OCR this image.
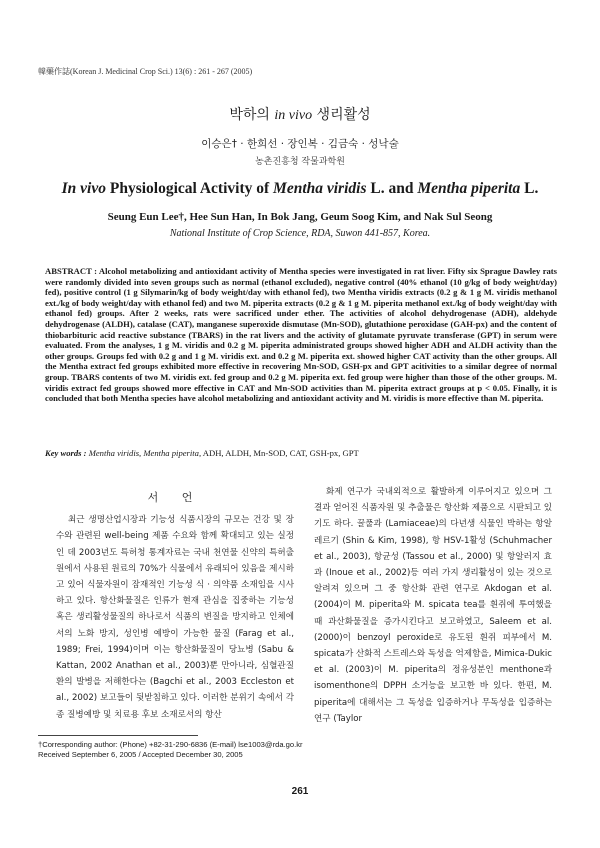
韓藥作誌(Korean J. Medicinal Crop Sci.) 13(6) : 261 - 267 (2005)
박하의 in vivo 생리활성
이승은† · 한희선 · 장인복 · 김금숙 · 성낙술
농촌진흥청 작물과학원
In vivo Physiological Activity of Mentha viridis L. and Mentha piperita L.
Seung Eun Lee†, Hee Sun Han, In Bok Jang, Geum Soog Kim, and Nak Sul Seong
National Institute of Crop Science, RDA, Suwon 441-857, Korea.
ABSTRACT : Alcohol metabolizing and antioxidant activity of Mentha species were investigated in rat liver. Fifty six Sprague Dawley rats were randomly divided into seven groups such as normal (ethanol excluded), negative control (40% ethanol (10 g/kg of body weight/day) fed), positive control (1 g Silymarin/kg of body weight/day with ethanol fed), two Mentha viridis extracts (0.2 g & 1 g M. viridis methanol ext./kg of body weight/day with ethanol fed) and two M. piperita extracts (0.2 g & 1 g M. piperita methanol ext./kg of body weight/day with ethanol fed) groups. After 2 weeks, rats were sacrificed under ether. The activities of alcohol dehydrogenase (ADH), aldehyde dehydrogenase (ALDH), catalase (CAT), manganese superoxide dismutase (Mn-SOD), glutathione peroxidase (GAH-px) and the content of thiobarbituric acid reactive substance (TBARS) in the rat livers and the activity of glutamate pyruvate transferase (GPT) in serum were evaluated. From the analyses, 1 g M. viridis and 0.2 g M. piperita administrated groups showed higher ADH and ALDH activity than the other groups. Groups fed with 0.2 g and 1 g M. viridis ext. and 0.2 g M. piperita ext. showed higher CAT activity than the other groups. All the Mentha extract fed groups exhibited more effective in recovering Mn-SOD, GSH-px and GPT acitivities to a similar degree of normal group. TBARS contents of two M. viridis ext. fed group and 0.2 g M. piperita ext. fed group were higher than those of the other groups. M. viridis extract fed groups showed more effective in CAT and Mn-SOD activities than M. piperita extract groups at p < 0.05. Finally, it is concluded that both Mentha species have alcohol metabolizing and antioxidant activity and M. viridis is more effective than M. piperita.
Key words : Mentha viridis, Mentha piperita, ADH, ALDH, Mn-SOD, CAT, GSH-px, GPT
서 언

최근 생명산업시장과 기능성 식품시장의 규모는 건강 및 장수와 관련된 well-being 제품 수요와 함께 확대되고 있는 실정인 데 2003년도 특허청 통계자료는 국내 천연물 신약의 특허출원에서 사용된 원료의 70%가 식물에서 유래되어 있음을 제시하고 있어 식물자원이 잠재적인 기능성 식 · 의약품 소재임을 시사하고 있다. 항산화물질은 인류가 현재 관심을 집중하는 기능성 혹은 생리활성물질의 하나로서 식품의 변질을 방지하고 인체에서의 노화 방지, 성인병 예방이 가능한 물질 (Farag et al., 1989; Frei, 1994)이며 이는 항산화물질이 당뇨병 (Sabu & Kattan, 2002 Anathan et al., 2003)뿐 만아니라, 심혈관질환의 발병을 저해한다는 (Bagchi et al., 2003 Eccleston et al., 2002) 보고들이 뒷받침하고 있다. 이러한 분위기 속에서 각종 질병예방 및 치료용 후보 소재로서의 항산

화제 연구가 국내외적으로 활발하게 이루어지고 있으며 그 결과 얻어진 식품자원 및 추출물은 항산화 제품으로 시판되고 있기도 하다. 꿀풀과 (Lamiaceae)의 다년생 식물인 박하는 항알레르기 (Shin & Kim, 1998), 항 HSV-1활성 (Schuhmacher et al., 2003), 항균성 (Tassou et al., 2000) 및 항알러지 효과 (Inoue et al., 2002)등 여러 가지 생리활성이 있는 것으로 알려져 있으며 그 중 항산화 관련 연구로 Akdogan et al. (2004)이 M. piperita와 M. spicata tea를 흰쥐에 투여했을 때 과산화물질을 증가시킨다고 보고하였고, Saleem et al. (2000)이 benzoyl peroxide로 유도된 흰쥐 피부에서 M. spicata가 산화적 스트레스와 독성을 억제함을, Mimica-Dukic et al. (2003)이 M. piperita의 정유성분인 menthone과 isomenthone의 DPPH 소거능을 보고한 바 있다. 한편, M. piperita에 대해서는 그 독성을 입증하거나 무독성을 입증하는 연구 (Taylor

†Corresponding author: (Phone) +82-31-290-6836 (E-mail) lse1003@rda.go.kr
Received September 6, 2005 / Accepted December 30, 2005
261
